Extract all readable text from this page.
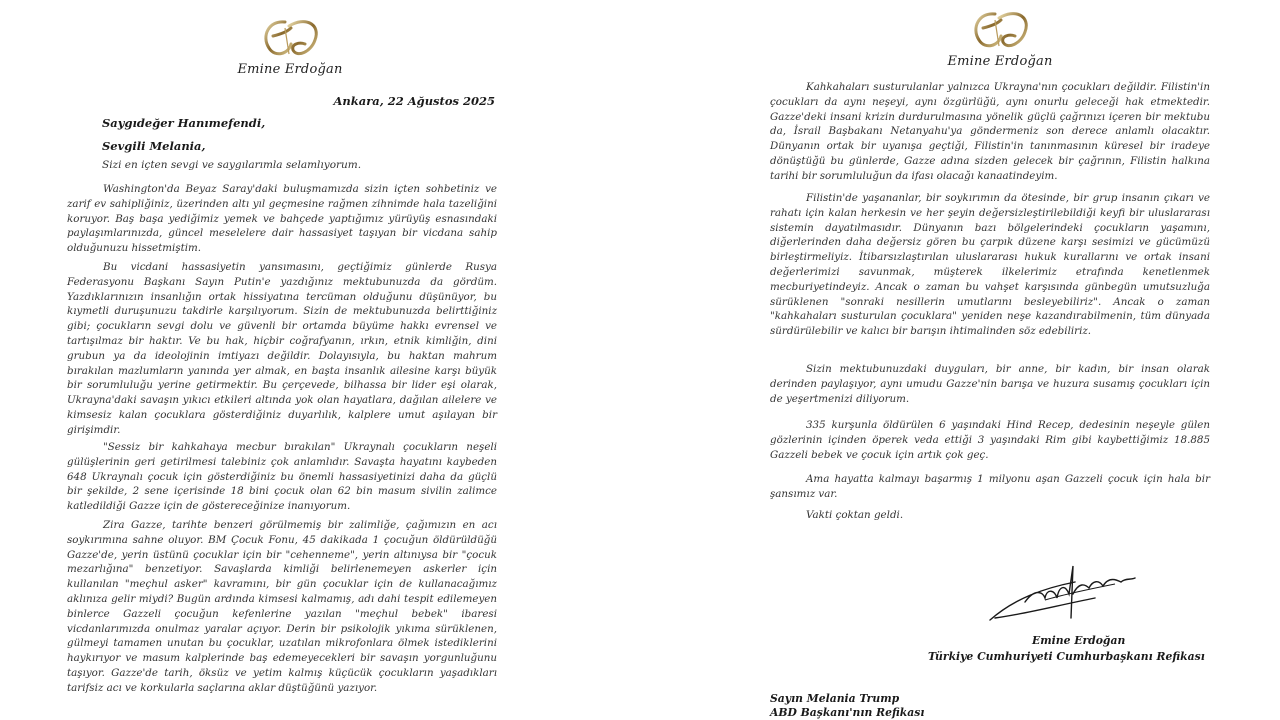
Emine Erdoğan
Ankara, 22 Ağustos 2025
Saygıdeğer Hanımefendi,
Sevgili Melania,
Sizi en içten sevgi ve saygılarımla selamlıyorum.

Washington'da Beyaz Saray'daki buluşmamızda sizin içten sohbetiniz ve zarif ev sahipliğiniz, üzerinden altı yıl geçmesine rağmen zihnimde hala tazeliğini koruyor. Baş başa yediğimiz yemek ve bahçede yaptığımız yürüyüş esnasındaki paylaşımlarınızda, güncel meselelere dair hassasiyet taşıyan bir vicdana sahip olduğunuzu hissetmiştim.

Bu vicdani hassasiyetin yansımasını, geçtiğimiz günlerde Rusya Federasyonu Başkanı Sayın Putin'e yazdığınız mektubunuzda da gördüm. Yazdıklarınızın insanlığın ortak hissiyatına tercüman olduğunu düşünüyor, bu kıymetli duruşunuzu takdirle karşılıyorum. Sizin de mektubunuzda belirttiğiniz gibi; çocukların sevgi dolu ve güvenli bir ortamda büyüme hakkı evrensel ve tartışılmaz bir haktır. Ve bu hak, hiçbir coğrafyanın, ırkın, etnik kimliğin, dini grubun ya da ideolojinin imtiyazı değildir. Dolayısıyla, bu haktan mahrum bırakılan mazlumların yanında yer almak, en başta insanlık ailesine karşı büyük bir sorumluluğu yerine getirmektir. Bu çerçevede, bilhassa bir lider eşi olarak, Ukrayna'daki savaşın yıkıcı etkileri altında yok olan hayatlara, dağılan ailelere ve kimsesiz kalan çocuklara gösterdiğiniz duyarlılık, kalplere umut aşılayan bir girişimdir.

"Sessiz bir kahkahaya mecbur bırakılan" Ukraynalı çocukların neşeli gülüşlerinin geri getirilmesi talebiniz çok anlamlıdır. Savaşta hayatını kaybeden 648 Ukraynalı çocuk için gösterdiğiniz bu önemli hassasiyetinizi daha da güçlü bir şekilde, 2 sene içerisinde 18 bini çocuk olan 62 bin masum sivilin zalimce katledildiği Gazze için de göstereceğinize inanıyorum.

Zira Gazze, tarihte benzeri görülmemiş bir zalimliğe, çağımızın en acı soykırımına sahne oluyor. BM Çocuk Fonu, 45 dakikada 1 çocuğun öldürüldüğü Gazze'de, yerin üstünü çocuklar için bir "cehenneme", yerin altınıysa bir "çocuk mezarlığına" benzetiyor. Savaşlarda kimliği belirlenemeyen askerler için kullanılan "meçhul asker" kavramını, bir gün çocuklar için de kullanacağımız aklınıza gelir miydi? Bugün ardında kimsesi kalmamış, adı dahi tespit edilemeyen binlerce Gazzeli çocuğun kefenlerine yazılan "meçhul bebek" ibaresi vicdanlarımızda onulmaz yaralar açıyor. Derin bir psikolojik yıkıma sürüklenen, gülmeyi tamamen unutan bu çocuklar, uzatılan mikrofonlara ölmek istediklerini haykırıyor ve masum kalplerinde baş edemeyecekleri bir savaşın yorgunluğunu taşıyor. Gazze'de tarih, öksüz ve yetim kalmış küçücük çocukların yaşadıkları tarifsiz acı ve korkularla saçlarına aklar düştüğünü yazıyor.

Emine Erdoğan

Kahkahaları susturulanlar yalnızca Ukrayna'nın çocukları değildir. Filistin'in çocukları da aynı neşeyi, aynı özgürlüğü, aynı onurlu geleceği hak etmektedir. Gazze'deki insani krizin durdurulmasına yönelik güçlü çağrınızı içeren bir mektubu da, İsrail Başbakanı Netanyahu'ya göndermeniz son derece anlamlı olacaktır. Dünyanın ortak bir uyanışa geçtiği, Filistin'in tanınmasının küresel bir iradeye dönüştüğü bu günlerde, Gazze adına sizden gelecek bir çağrının, Filistin halkına tarihi bir sorumluluğun da ifası olacağı kanaatindeyim.

Filistin'de yaşananlar, bir soykırımın da ötesinde, bir grup insanın çıkarı ve rahatı için kalan herkesin ve her şeyin değersizleştirilebildiği keyfi bir uluslararası sistemin dayatılmasıdır. Dünyanın bazı bölgelerindeki çocukların yaşamını, diğerlerinden daha değersiz gören bu çarpık düzene karşı sesimizi ve gücümüzü birleştirmeliyiz. İtibarsızlaştırılan uluslararası hukuk kurallarını ve ortak insani değerlerimizi savunmak, müşterek ilkelerimiz etrafında kenetlenmek mecburiyetindeyiz. Ancak o zaman bu vahşet karşısında günbegün umutsuzluğa sürüklenen "sonraki nesillerin umutlarını besleyebiliriz". Ancak o zaman "kahkahaları susturulan çocuklara" yeniden neşe kazandırabilmenin, tüm dünyada sürdürülebilir ve kalıcı bir barışın ihtimalinden söz edebiliriz.

Sizin mektubunuzdaki duyguları, bir anne, bir kadın, bir insan olarak derinden paylaşıyor, aynı umudu Gazze'nin barışa ve huzura susamış çocukları için de yeşertmenizi diliyorum.

335 kurşunla öldürülen 6 yaşındaki Hind Recep, dedesinin neşeyle gülen gözlerinin içinden öperek veda ettiği 3 yaşındaki Rim gibi kaybettiğimiz 18.885 Gazzeli bebek ve çocuk için artık çok geç.

Ama hayatta kalmayı başarmış 1 milyonu aşan Gazzeli çocuk için hala bir şansımız var.

Vakti çoktan geldi.

Emine Erdoğan
Türkiye Cumhuriyeti Cumhurbaşkanı Refikası
Sayın Melania Trump
ABD Başkanı'nın Refikası
